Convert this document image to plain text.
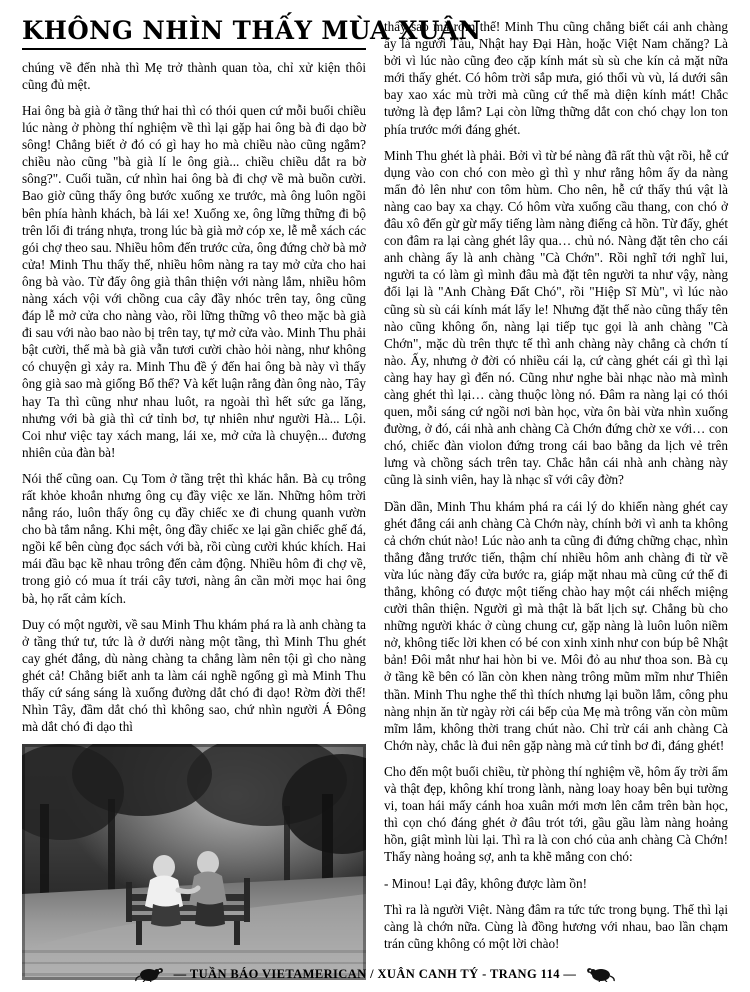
KHÔNG NHÌN THẤY MÙA XUÂN

chúng về đến nhà thì Mẹ trở thành quan tòa, chỉ xử kiện thôi cũng đủ mệt.

Hai ông bà già ở tầng thứ hai thì có thói quen cứ mỗi buổi chiều lúc nàng ở phòng thí nghiệm về thì lại gặp hai ông bà đi dạo bờ sông! Chẳng biết ở đó có gì hay ho mà chiều nào cũng ngắm? chiều nào cũng "bà già lí le ông già... chiều chiều dắt ra bờ sông?". Cuối tuần, cứ nhìn hai ông bà đi chợ về mà buồn cười. Bao giờ cũng thấy ông bước xuống xe trước, mà ông luôn ngồi bên phía hành khách, bà lái xe! Xuống xe, ông lững thững đi bộ trên lối đi tráng nhựa, trong lúc bà già mở cóp xe, lễ mễ xách các gói chợ theo sau. Nhiều hôm đến trước cửa, ông đứng chờ bà mở cửa! Minh Thu thấy thế, nhiều hôm nàng ra tay mở cửa cho hai ông bà vào. Từ đấy ông già thân thiện với nàng lắm, nhiều hôm nàng xách vội với chồng cua cây đầy nhóc trên tay, ông cũng đáp lễ mở cửa cho nàng vào, rồi lững thững vô theo mặc bà già đi sau với nào bao nào bị trên tay, tự mở cửa vào. Minh Thu phải bật cười, thế mà bà già vẫn tươi cười chào hỏi nàng, như không có chuyện gì xảy ra. Minh Thu đề ý đến hai ông bà này vì thấy ông già sao mà giống Bố thế? Và kết luận rằng đàn ông nào, Tây hay Ta thì cũng như nhau luôt, ra ngoài thì hết sức ga lăng, nhưng với bà già thì cứ tỉnh bơ, tự nhiên như người Hà... Lội. Coi như việc tay xách mang, lái xe, mở cửa là chuyện... đương nhiên của đàn bà!

Nói thế cũng oan. Cụ Tom ở tầng trệt thì khác hẳn. Bà cụ trông rất khỏe khoắn nhưng ông cụ đầy việc xe lăn. Những hôm trời nắng ráo, luôn thấy ông cụ đầy chiếc xe đi chung quanh vườn cho bà tắm nắng. Khi mệt, ông đầy chiếc xe lại gần chiếc ghế đá, ngồi kể bên cùng đọc sách với bà, rồi cùng cười khúc khích. Hai mái đầu bạc kề nhau trông đến cảm động. Nhiều hôm đi chợ về, trong giỏ có mua ít trái cây tươi, nàng ân cần mời mọc hai ông bà, họ rất cảm kích.

Duy có một người, về sau Minh Thu khám phá ra là anh chàng ta ở tầng thứ tư, tức là ở dưới nàng một tầng, thì Minh Thu ghét cay ghét đắng, dù nàng chàng ta chẳng làm nên tội gì cho nàng ghét cả! Chẳng biết anh ta làm cái nghề ngổng gì mà Minh Thu thấy cứ sáng sáng là xuống đường dắt chó đi dạo! Rờm đời thế! Nhìn Tây, đầm dắt chó thì không sao, chứ nhìn người Á Đông mà dắt chó đi dạo thì

thấy sao mà rởm thế! Minh Thu cũng chẳng biết cái anh chàng ấy là người Tàu, Nhật hay Đại Hàn, hoặc Việt Nam chăng? Là bởi vì lúc nào cũng đeo cặp kính mát sù sù che kín cả mặt nữa mới thấy ghét. Có hôm trời sắp mưa, gió thổi vù vù, lá dưới sân bay xao xác mù trời mà cũng cứ thế mà diện kính mát! Chắc tưởng là đẹp lắm? Lại còn lững thững dắt con chó chạy lon ton phía trước mới đáng ghét.

Minh Thu ghét là phải. Bởi vì từ bé nàng đã rất thù vật rồi, hễ cứ dụng vào con chó con mèo gì thì y như rằng hôm ấy da nàng mẩn đỏ lên như con tôm hùm. Cho nên, hễ cứ thấy thú vật là nàng cao bay xa chạy. Có hôm vừa xuống cầu thang, con chó ở đâu xô đến gừ gừ mấy tiếng làm nàng điếng cả hồn. Từ đấy, ghét con đâm ra lại càng ghét lây qua… chủ nó. Nàng đặt tên cho cái anh chàng ấy là anh chàng "Cà Chớn". Rồi nghĩ tới nghĩ lui, người ta có làm gì mình đâu mà đặt tên người ta như vậy, nàng đổi lại là "Anh Chàng Đất Chó", rồi "Hiệp Sĩ Mù", vì lúc nào cũng sù sù cái kính mát lấy le! Nhưng đặt thế nào cũng thấy tên nào cũng không ổn, nàng lại tiếp tục gọi là anh chàng "Cà Chớn", mặc dù trên thực tế thì anh chàng này chẳng cà chớn tí nào. Ấy, nhưng ở đời có nhiều cái lạ, cứ càng ghét cái gì thì lại càng hay hay gì đến nó. Cũng như nghe bài nhạc nào mà mình càng ghét thì lại… càng thuộc lòng nó. Đâm ra nàng lại có thói quen, mỗi sáng cứ ngồi nơi bàn học, vừa ôn bài vừa nhìn xuống đường, ở đó, cái nhà anh chàng Cà Chớn đứng chờ xe với… con chó, chiếc đàn violon đứng trong cái bao bằng da lịch vẻ trên lưng và chồng sách trên tay. Chắc hẳn cái nhà anh chàng này cũng là sinh viên, hay là nhạc sĩ với cây đờn?

Dần dần, Minh Thu khám phá ra cái lý do khiến nàng ghét cay ghét đắng cái anh chàng Cà Chớn này, chính bởi vì anh ta không cả chớn chút nào! Lúc nào anh ta cũng đi đứng chững chạc, nhìn thẳng đằng trước tiến, thậm chí nhiều hôm anh chàng đi từ về vừa lúc nàng đẩy cửa bước ra, giáp mặt nhau mà cũng cứ thế đi thẳng, không có được một tiếng chào hay một cái nhếch miệng cười thân thiện. Người gì mà thật là bất lịch sự. Chẳng bù cho những người khác ở cùng chung cư, gặp nàng là luôn luôn niềm nở, không tiếc lời khen có bé con xinh xinh như con búp bê Nhật bản! Đôi mắt như hai hòn bi ve. Môi đỏ au như thoa son. Bà cụ ở tầng kề bên có lần còn khen nàng trông mũm mĩm như Thiên thần. Minh Thu nghe thế thì thích nhưng lại buồn lắm, công phu nàng nhịn ăn từ ngày rời cái bếp của Mẹ mà trông văn còn mũm mĩm lắm, không thời trang chút nào. Chỉ trừ cái anh chàng Cà Chớn này, chắc là đui nên gặp nàng mà cứ tỉnh bơ đi, đáng ghét!

Cho đến một buổi chiều, từ phòng thí nghiệm về, hôm ấy trời ẩm và thật đẹp, không khí trong lành, nàng loay hoay bên bụi tường vi, toan hái mấy cánh hoa xuân mới mơn lên cắm trên bàn học, thì cọn chó đáng ghét ở đâu trót tới, gầu gầu làm nàng hoảng hồn, giật mình lùi lại. Thì ra là con chó của anh chàng Cà Chớn! Thấy nàng hoảng sợ, anh ta khẽ mắng con chó:

- Minou! Lại đây, không được làm ồn!

Thì ra là người Việt. Nàng đâm ra tức tức trong bụng. Thế thì lại càng là chớn nữa. Cùng là đồng hương với nhau, bao lần chạm trán cũng không có một lời chào!

— TUẦN BÁO VIETAMERICAN / XUÂN CANH TÝ - TRANG 114 —
